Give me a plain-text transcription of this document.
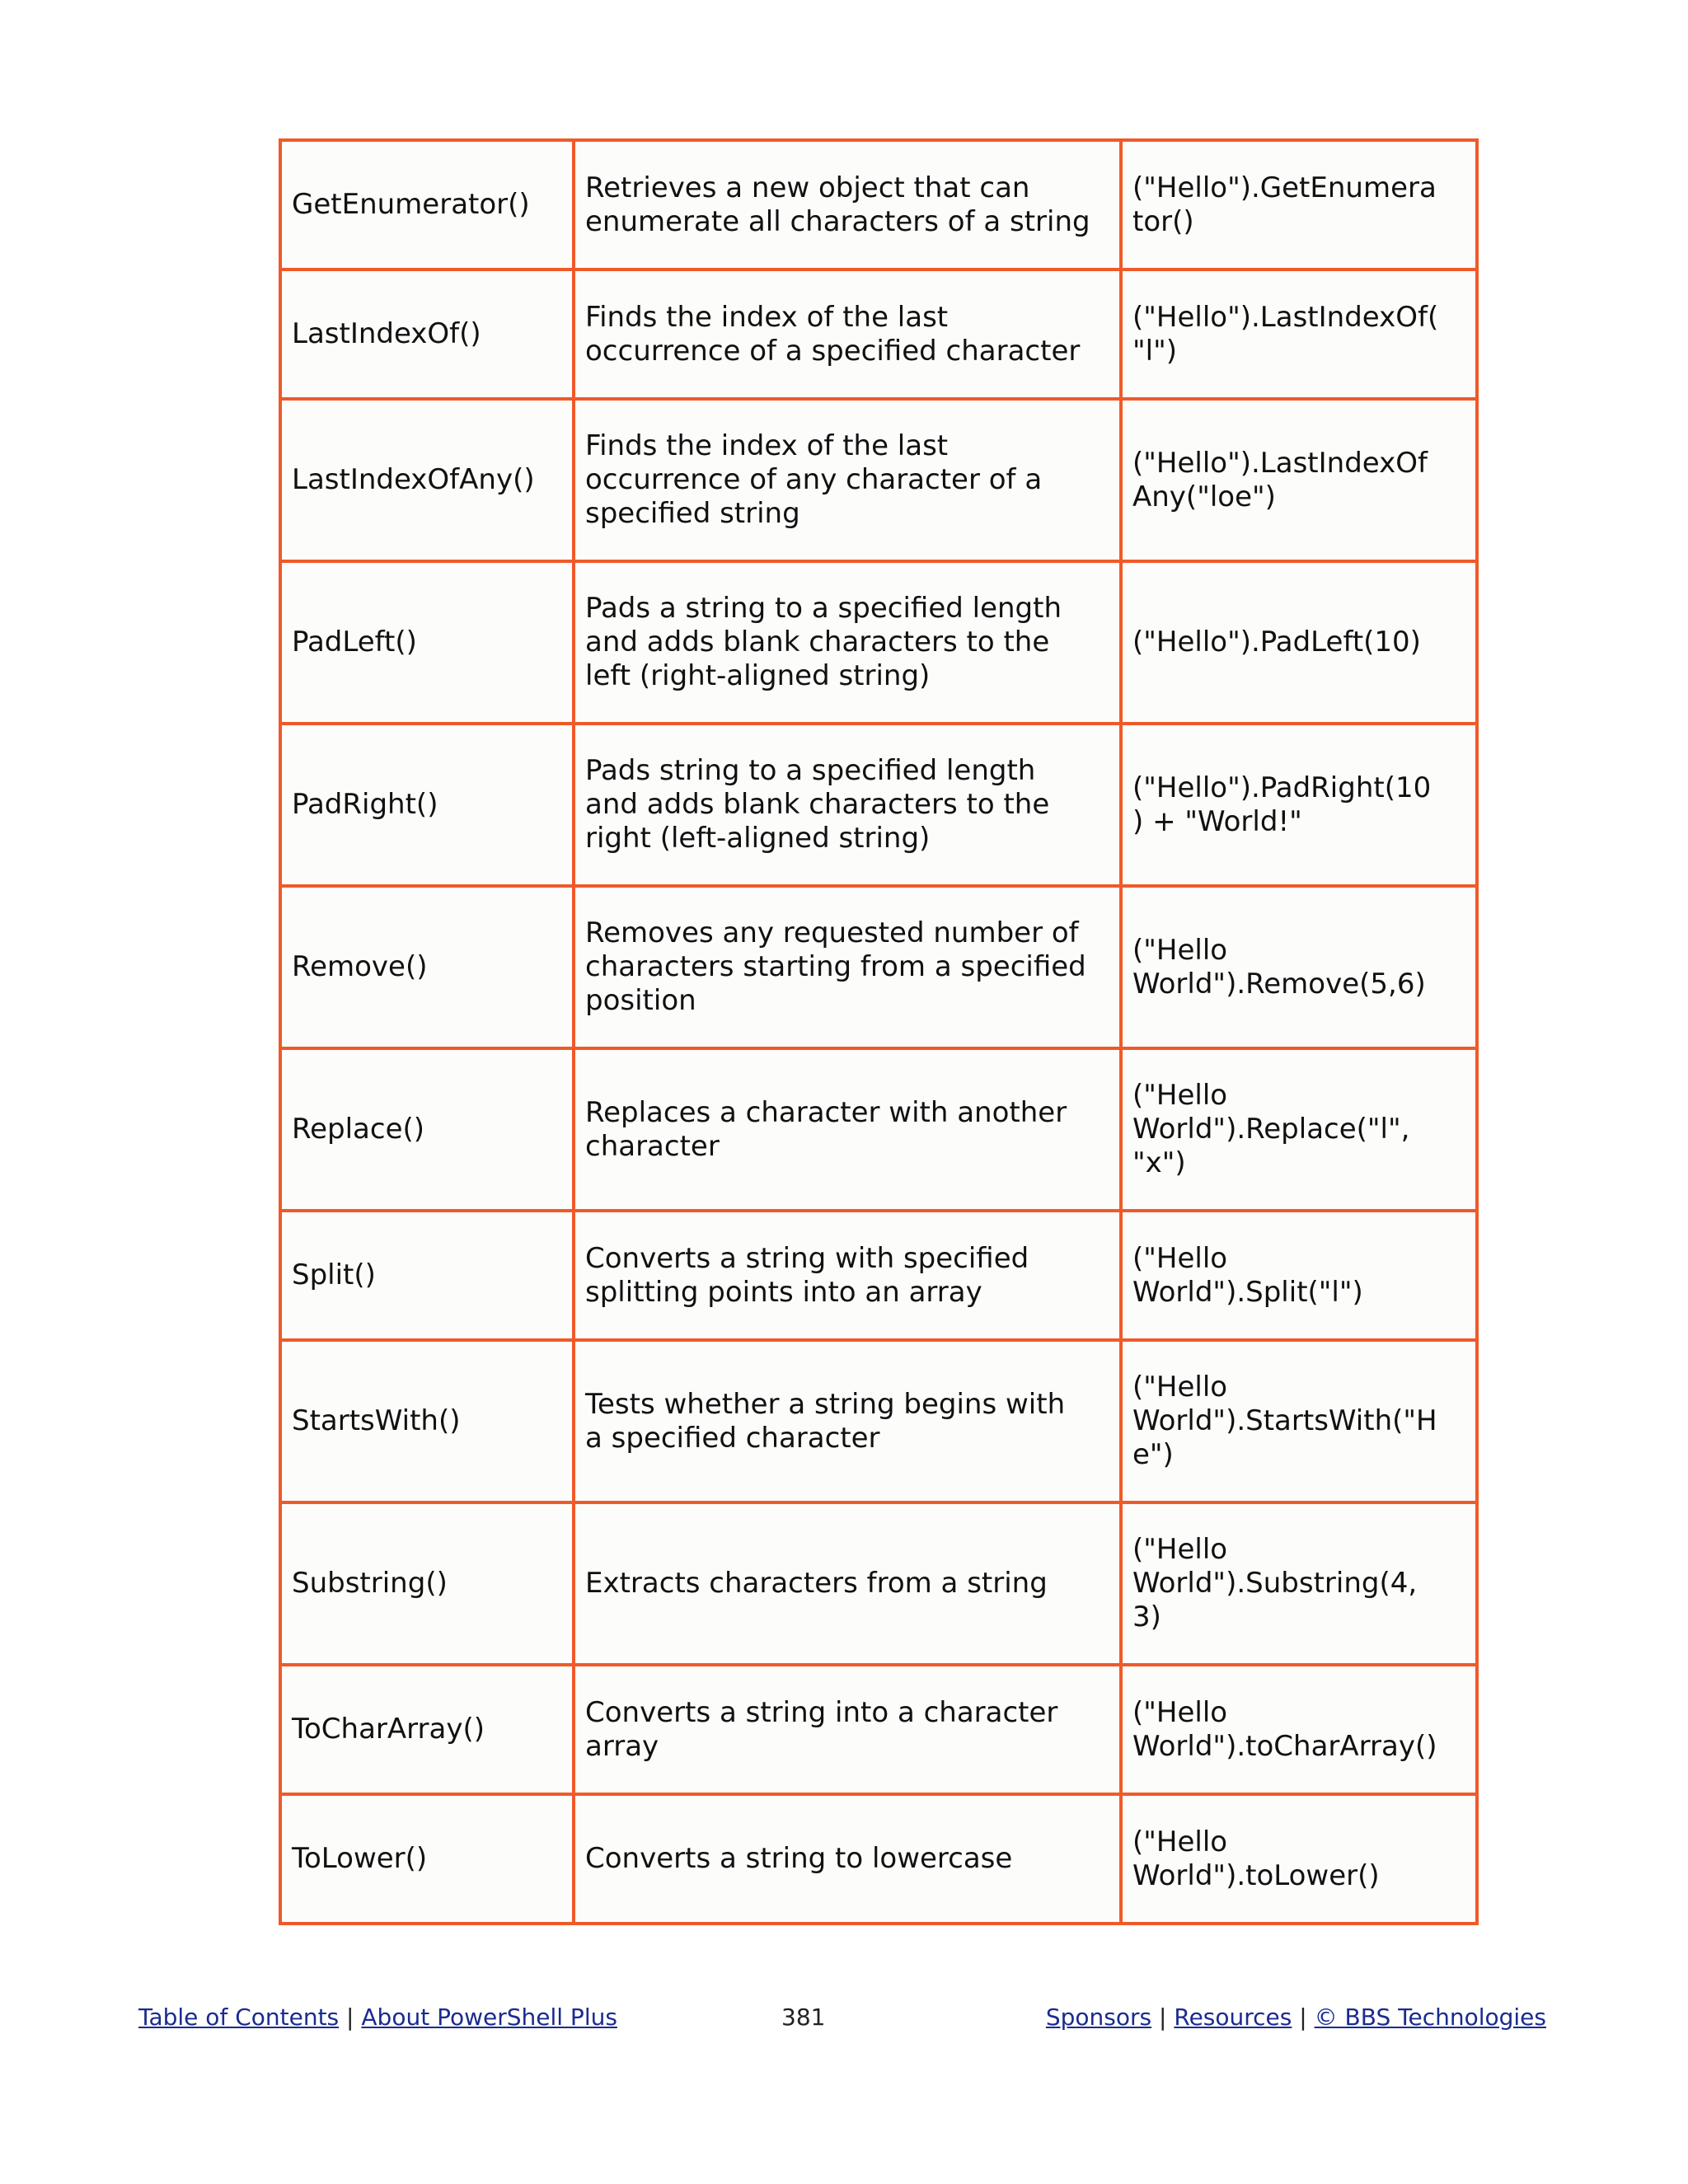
GetEnumerator()	Retrieves a new object that can
enumerate all characters of a string	("Hello").GetEnumera
tor()
LastIndexOf()	Finds the index of the last
occurrence of a specified character	("Hello").LastIndexOf(
"l")
LastIndexOfAny()	Finds the index of the last
occurrence of any character of a
specified string	("Hello").LastIndexOf
Any("loe")
PadLeft()	Pads a string to a specified length
and adds blank characters to the
left (right-aligned string)	("Hello").PadLeft(10)
PadRight()	Pads string to a specified length
and adds blank characters to the
right (left-aligned string)	("Hello").PadRight(10
) + "World!"
Remove()	Removes any requested number of
characters starting from a specified
position	("Hello
World").Remove(5,6)
Replace()	Replaces a character with another
character	("Hello
World").Replace("l",
"x")
Split()	Converts a string with specified
splitting points into an array	("Hello
World").Split("l")
StartsWith()	Tests whether a string begins with
a specified character	("Hello
World").StartsWith("H
e")
Substring()	Extracts characters from a string	("Hello
World").Substring(4,
3)
ToCharArray()	Converts a string into a character
array	("Hello
World").toCharArray()
ToLower()	Converts a string to lowercase	("Hello
World").toLower()
Table of Contents | About PowerShell Plus	381	Sponsors | Resources | © BBS Technologies
